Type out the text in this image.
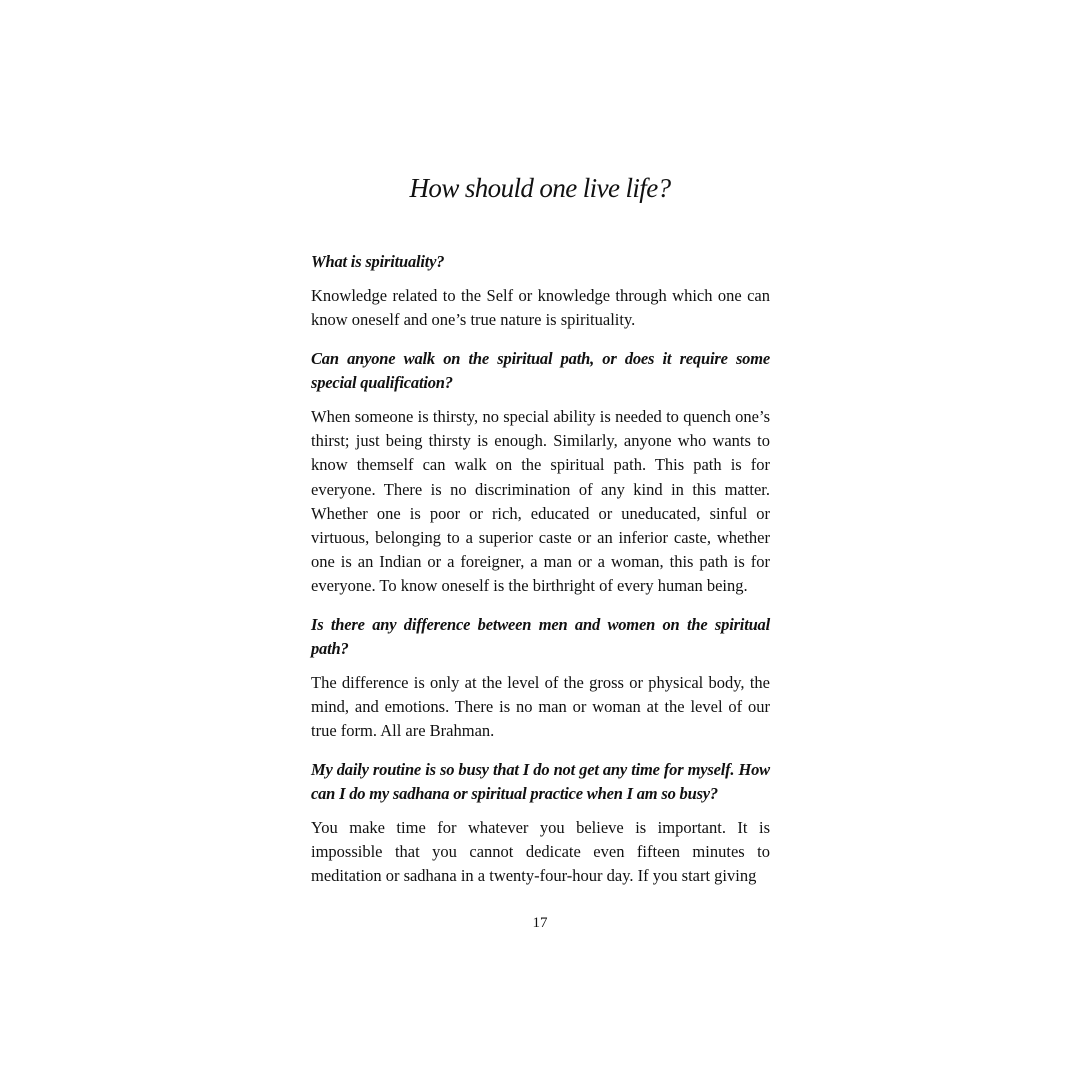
How should one live life?

What is spirituality?

Knowledge related to the Self or knowledge through which one can know oneself and one’s true nature is spirituality.

Can anyone walk on the spiritual path, or does it require some special qualification?

When someone is thirsty, no special ability is needed to quench one’s thirst; just being thirsty is enough. Similarly, anyone who wants to know themself can walk on the spiritual path. This path is for everyone. There is no discrimination of any kind in this matter. Whether one is poor or rich, educated or uneducated, sinful or virtuous, belonging to a superior caste or an inferior caste, whether one is an Indian or a foreigner, a man or a woman, this path is for everyone. To know oneself is the birthright of every human being.

Is there any difference between men and women on the spiritual path?

The difference is only at the level of the gross or physical body, the mind, and emotions. There is no man or woman at the level of our true form. All are Brahman.

My daily routine is so busy that I do not get any time for myself. How can I do my sadhana or spiritual practice when I am so busy?

You make time for whatever you believe is important. It is impossible that you cannot dedicate even fifteen minutes to meditation or sadhana in a twenty-four-hour day. If you start giving

17
